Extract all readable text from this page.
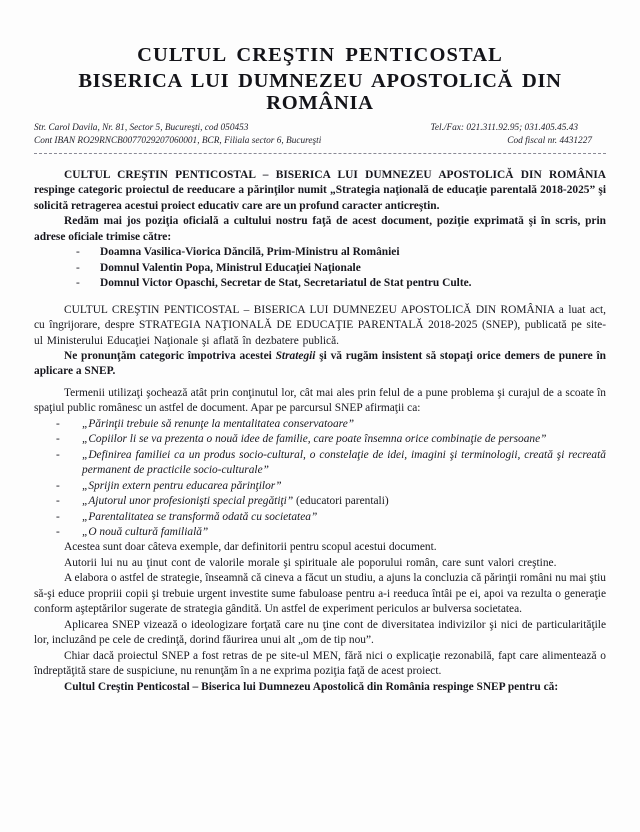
CULTUL CREŞTIN PENTICOSTAL
BISERICA LUI DUMNEZEU APOSTOLICĂ DIN ROMÂNIA
Str. Carol Davila, Nr. 81, Sector 5, Bucureşti, cod 050453	Tel./Fax: 021.311.92.95; 031.405.45.43
Cont IBAN RO29RNCB0077029207060001, BCR, Filiala sector 6, Bucureşti	Cod fiscal nr. 4431227

CULTUL CREŞTIN PENTICOSTAL – BISERICA LUI DUMNEZEU APOSTOLICĂ DIN ROMÂNIA respinge categoric proiectul de reeducare a părinţilor numit „Strategia naţională de educaţie parentală 2018-2025” şi solicită retragerea acestui proiect educativ care are un profund caracter anticreştin.

Redăm mai jos poziţia oficială a cultului nostru faţă de acest document, poziţie exprimată şi în scris, prin adrese oficiale trimise către:

- Doamna Vasilica-Viorica Dăncilă, Prim-Ministru al României
- Domnul Valentin Popa, Ministrul Educaţiei Naţionale
- Domnul Victor Opaschi, Secretar de Stat, Secretariatul de Stat pentru Culte.

CULTUL CREŞTIN PENTICOSTAL – BISERICA LUI DUMNEZEU APOSTOLICĂ DIN ROMÂNIA a luat act, cu îngrijorare, despre STRATEGIA NAŢIONALĂ DE EDUCAŢIE PARENTALĂ 2018-2025 (SNEP), publicată pe site-ul Ministerului Educaţiei Naţionale şi aflată în dezbatere publică.

Ne pronunţăm categoric împotriva acestei Strategii şi vă rugăm insistent să stopaţi orice demers de punere în aplicare a SNEP.

Termenii utilizaţi şochează atât prin conţinutul lor, cât mai ales prin felul de a pune problema şi curajul de a scoate în spaţiul public românesc un astfel de document. Apar pe parcursul SNEP afirmaţii ca:

- „Părinţii trebuie să renunţe la mentalitatea conservatoare”
- „Copiilor li se va prezenta o nouă idee de familie, care poate însemna orice combinaţie de persoane”
- „Definirea familiei ca un produs socio-cultural, o constelaţie de idei, imagini şi terminologii, creată şi recreată permanent de practicile socio-culturale”
- „Sprijin extern pentru educarea părinţilor”
- „Ajutorul unor profesionişti special pregătiţi” (educatori parentali)
- „Parentalitatea se transformă odată cu societatea”
- „O nouă cultură familială”

Acestea sunt doar câteva exemple, dar definitorii pentru scopul acestui document.

Autorii lui nu au ţinut cont de valorile morale şi spirituale ale poporului român, care sunt valori creştine.

A elabora o astfel de strategie, înseamnă că cineva a făcut un studiu, a ajuns la concluzia că părinţii români nu mai ştiu să-şi educe propriii copii şi trebuie urgent investite sume fabuloase pentru a-i reeduca întâi pe ei, apoi va rezulta o generaţie conform aşteptărilor sugerate de strategia gândită. Un astfel de experiment periculos ar bulversa societatea.

Aplicarea SNEP vizează o ideologizare forţată care nu ţine cont de diversitatea indivizilor şi nici de particularităţile lor, incluzând pe cele de credinţă, dorind făurirea unui alt „om de tip nou”.

Chiar dacă proiectul SNEP a fost retras de pe site-ul MEN, fără nici o explicaţie rezonabilă, fapt care alimentează o îndreptăţită stare de suspiciune, nu renunţăm în a ne exprima poziţia faţă de acest proiect.

Cultul Creştin Penticostal – Biserica lui Dumnezeu Apostolică din România respinge SNEP pentru că:
